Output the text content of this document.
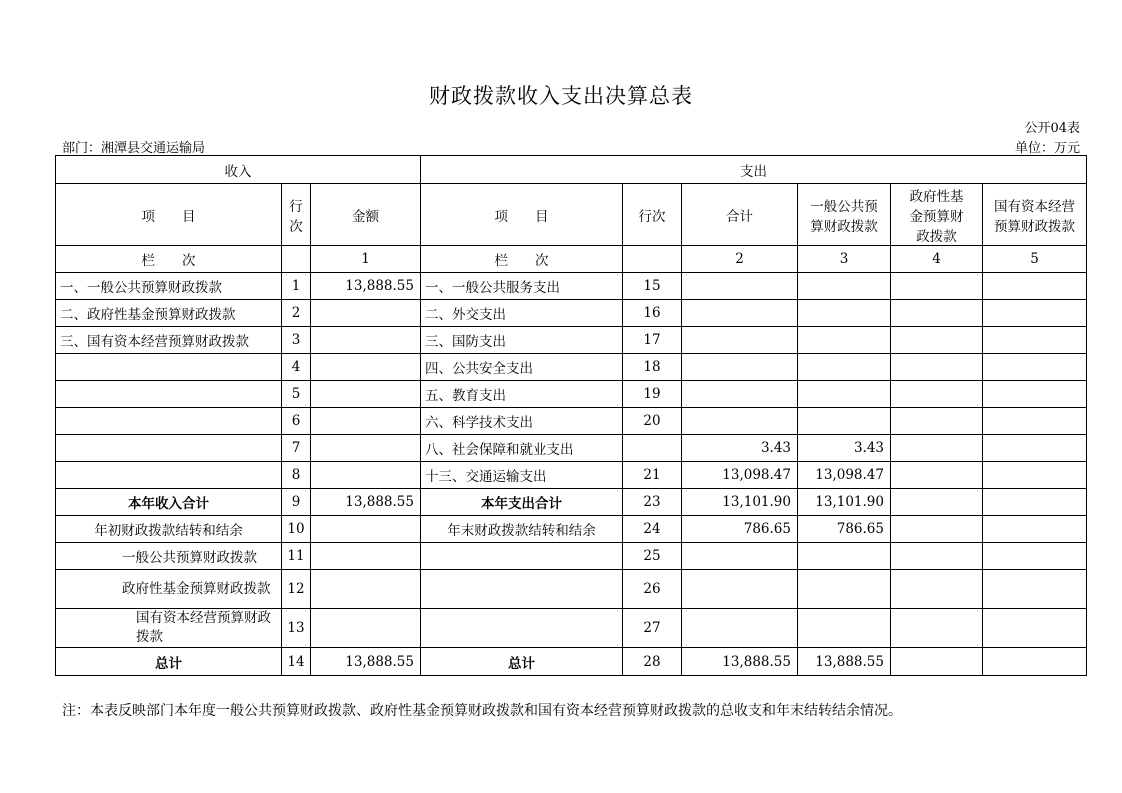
财政拨款收入支出决算总表
公开04表
部门：湘潭县交通运输局	单位：万元
收入			支出					
项　　目	行次	金额	项　　目	行次	合计	一般公共预算财政拨款	政府性基金预算财政拨款	国有资本经营预算财政拨款
栏　　次		1	栏　　次		2	3	4	5
一、一般公共预算财政拨款	1	13,888.55	一、一般公共服务支出	15				
二、政府性基金预算财政拨款	2		二、外交支出	16				
三、国有资本经营预算财政拨款	3		三、国防支出	17				
	4		四、公共安全支出	18				
	5		五、教育支出	19				
	6		六、科学技术支出	20				
	7		八、社会保障和就业支出		3.43	3.43		
	8		十三、交通运输支出	21	13,098.47	13,098.47		
本年收入合计	9	13,888.55	本年支出合计	23	13,101.90	13,101.90		
年初财政拨款结转和结余	10		年末财政拨款结转和结余	24	786.65	786.65		
一般公共预算财政拨款	11			25				
政府性基金预算财政拨款	12			26				
国有资本经营预算财政拨款	13			27				
总计	14	13,888.55	总计	28	13,888.55	13,888.55		
注：本表反映部门本年度一般公共预算财政拨款、政府性基金预算财政拨款和国有资本经营预算财政拨款的总收支和年末结转结余情况。
